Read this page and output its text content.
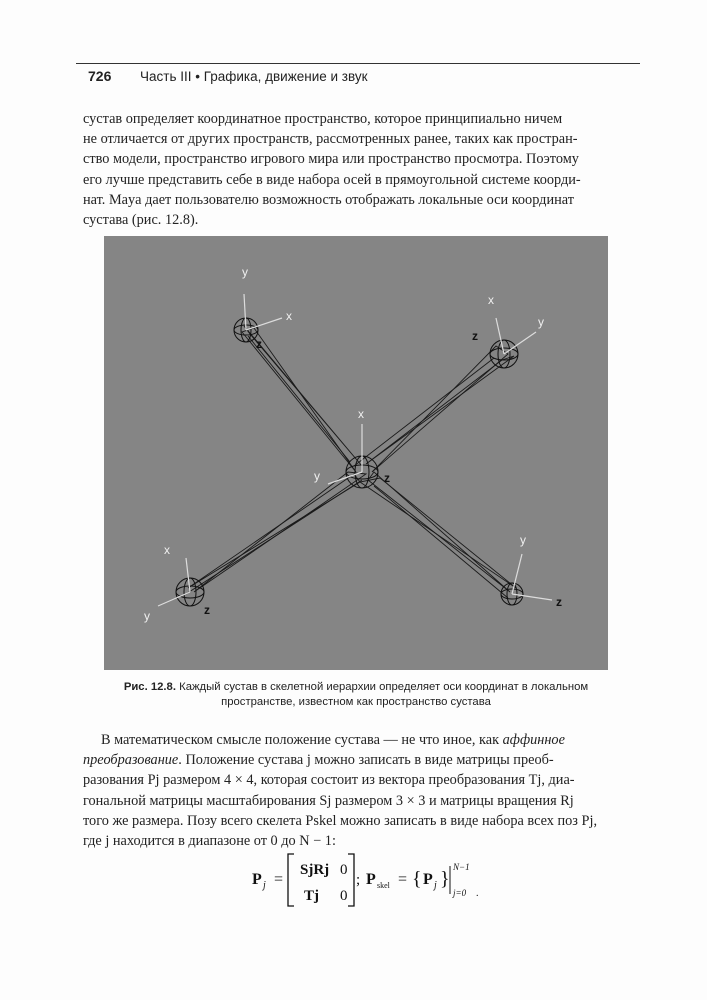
726 Часть III • Графика, движение и звук
сустав определяет координатное пространство, которое принципиально ничем
не отличается от других пространств, рассмотренных ранее, таких как простран-
ство модели, пространство игрового мира или пространство просмотра. Поэтому
его лучше представить себе в виде набора осей в прямоугольной системе коорди-
нат. Maya дает пользователю возможность отображать локальные оси координат
сустава (рис. 12.8).
y
x
z
x
y
z
x
y	z
x
y	z
y
z
Рис. 12.8. Каждый сустав в скелетной иерархии определяет оси координат в локальном пространстве, известном как пространство сустава
В математическом смысле положение сустава — не что иное, как аффинное
преобразование. Положение сустава j можно записать в виде матрицы преоб-
разования Pj размером 4 × 4, которая состоит из вектора преобразования Tj, диа-
гональной матрицы масштабирования Sj размером 3 × 3 и матрицы вращения Rj
того же размера. Позу всего скелета Pskel можно записать в виде набора всех поз Pj,
где j находится в диапазоне от 0 до N − 1:
P j =
SjRj 0
Tj 0
; P skel = { P j }
N−1
j=0 .
